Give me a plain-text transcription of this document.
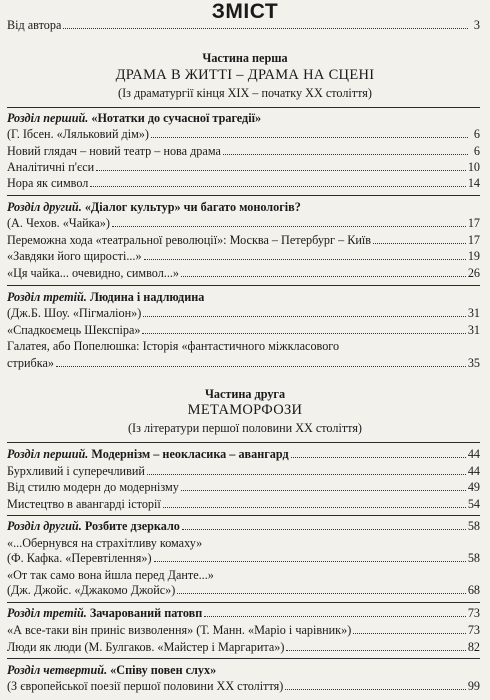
ЗМІСТ
Від автора	3
Частина перша
ДРАМА В ЖИТТІ – ДРАМА НА СЦЕНІ
(Із драматургії кінця XIX – початку XX століття)
Розділ перший. «Нотатки до сучасної трагедії»
(Г. Ібсен. «Ляльковий дім»)	6
Новий глядач – новий театр – нова драма	6
Аналітичні п'єси	10
Нора як символ	14
Розділ другий. «Діалог культур» чи багато монологів?
(А. Чехов. «Чайка»)	17
Переможна хода «театральної революції»: Москва – Петербург – Київ	17
«Завдяки його щирості...»	19
«Ця чайка... очевидно, символ...»	26
Розділ третій. Людина і надлюдина
(Дж.Б. Шоу. «Пігмаліон»)	31
«Спадкоємець Шекспіра»	31
Галатея, або Попелюшка: Історія «фантастичного міжкласового
стрибка»	35
Частина друга
МЕТАМОРФОЗИ
(Із літератури першої половини XX століття)
Розділ перший. Модернізм – неокласика – авангард	44
Бурхливий і суперечливий	44
Від стилю модерн до модернізму	49
Мистецтво в авангарді історії	54
Розділ другий. Розбите дзеркало	58
«...Обернувся на страхітливу комаху»
(Ф. Кафка. «Перевтілення»)	58
«От так само вона йшла перед Данте...»
(Дж. Джойс. «Джакомо Джойс»)	68
Розділ третій. Зачарований патовп	73
«А все-таки він приніс визволення» (Т. Манн. «Маріо і чарівник»)	73
Люди як люди (М. Булгаков. «Майстер і Маргарита»)	82
Розділ четвертий. «Співу повен слух»
(З європейської поезії першої половини XX століття)	99
